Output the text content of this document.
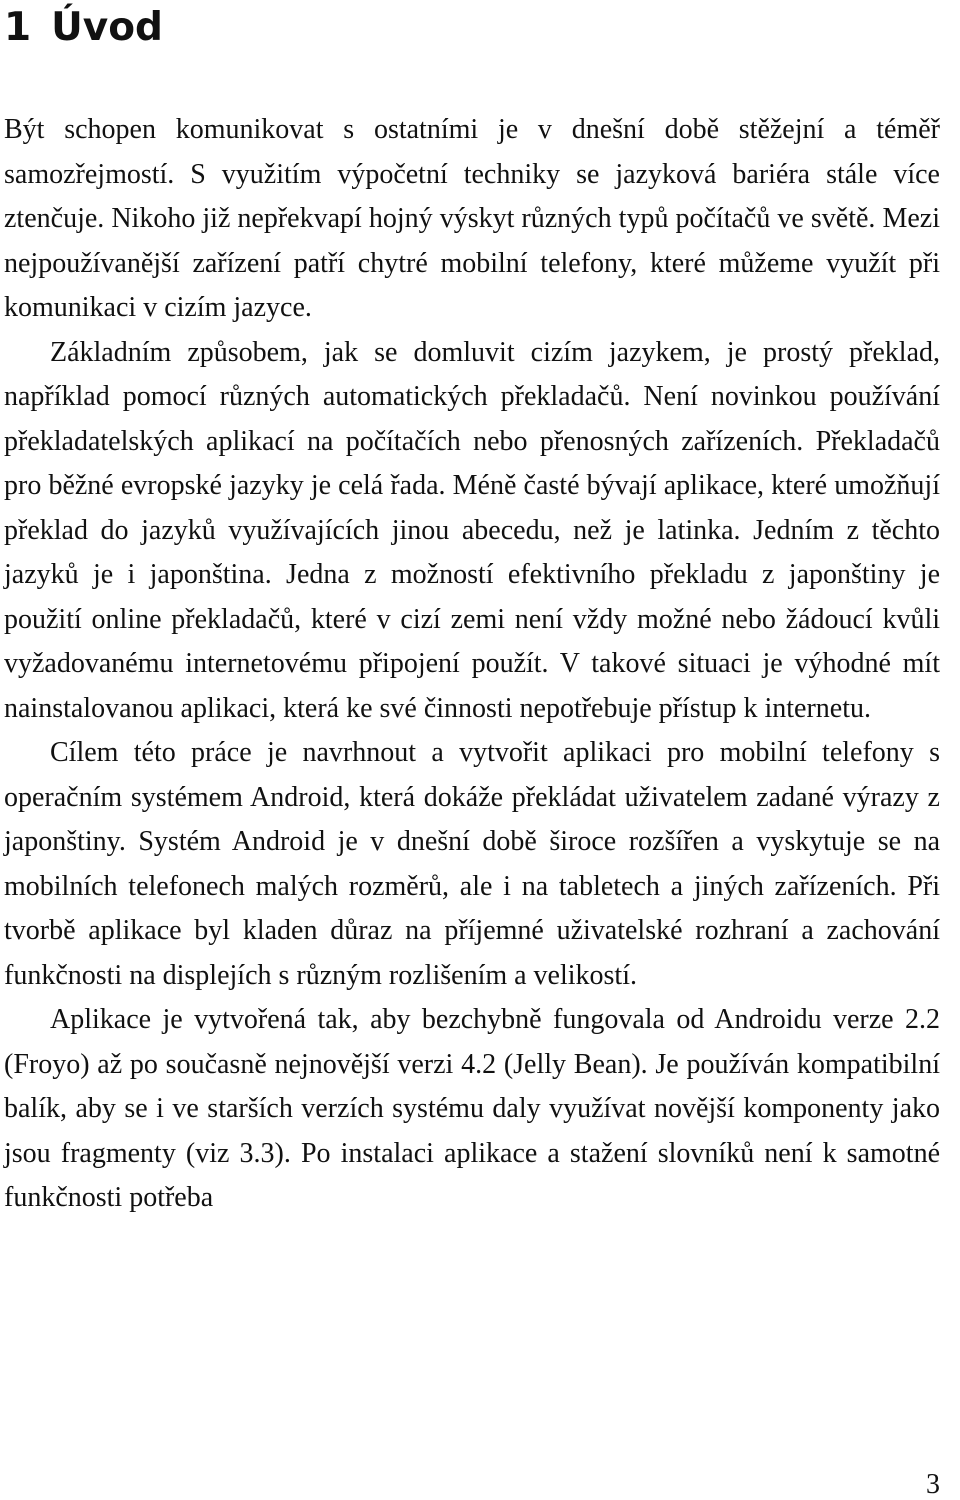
1 Úvod

Být schopen komunikovat s ostatními je v dnešní době stěžejní a téměř samozřejmostí. S využitím výpočetní techniky se jazyková bariéra stále více ztenčuje. Nikoho již nepřekvapí hojný výskyt různých typů počítačů ve světě. Mezi nejpoužívanější zařízení patří chytré mobilní telefony, které můžeme využít při komunikaci v cizím jazyce.

Základním způsobem, jak se domluvit cizím jazykem, je prostý překlad, například pomocí různých automatických překladačů. Není novinkou používání překladatelských aplikací na počítačích nebo přenosných zařízeních. Překladačů pro běžné evropské jazyky je celá řada. Méně časté bývají aplikace, které umožňují překlad do jazyků využívajících jinou abecedu, než je latinka. Jedním z těchto jazyků je i japonština. Jedna z možností efektivního překladu z japonštiny je použití online překladačů, které v cizí zemi není vždy možné nebo žádoucí kvůli vyžadovanému internetovému připojení použít. V takové situaci je výhodné mít nainstalovanou aplikaci, která ke své činnosti nepotřebuje přístup k internetu.

Cílem této práce je navrhnout a vytvořit aplikaci pro mobilní telefony s operačním systémem Android, která dokáže překládat uživatelem zadané výrazy z japonštiny. Systém Android je v dnešní době široce rozšířen a vyskytuje se na mobilních telefonech malých rozměrů, ale i na tabletech a jiných zařízeních. Při tvorbě aplikace byl kladen důraz na příjemné uživatelské rozhraní a zachování funkčnosti na displejích s různým rozlišením a velikostí.

Aplikace je vytvořená tak, aby bezchybně fungovala od Androidu verze 2.2 (Froyo) až po současně nejnovější verzi 4.2 (Jelly Bean). Je používán kompatibilní balík, aby se i ve starších verzích systému daly využívat novější komponenty jako jsou fragmenty (viz 3.3). Po instalaci aplikace a stažení slovníků není k samotné funkčnosti potřeba

3
